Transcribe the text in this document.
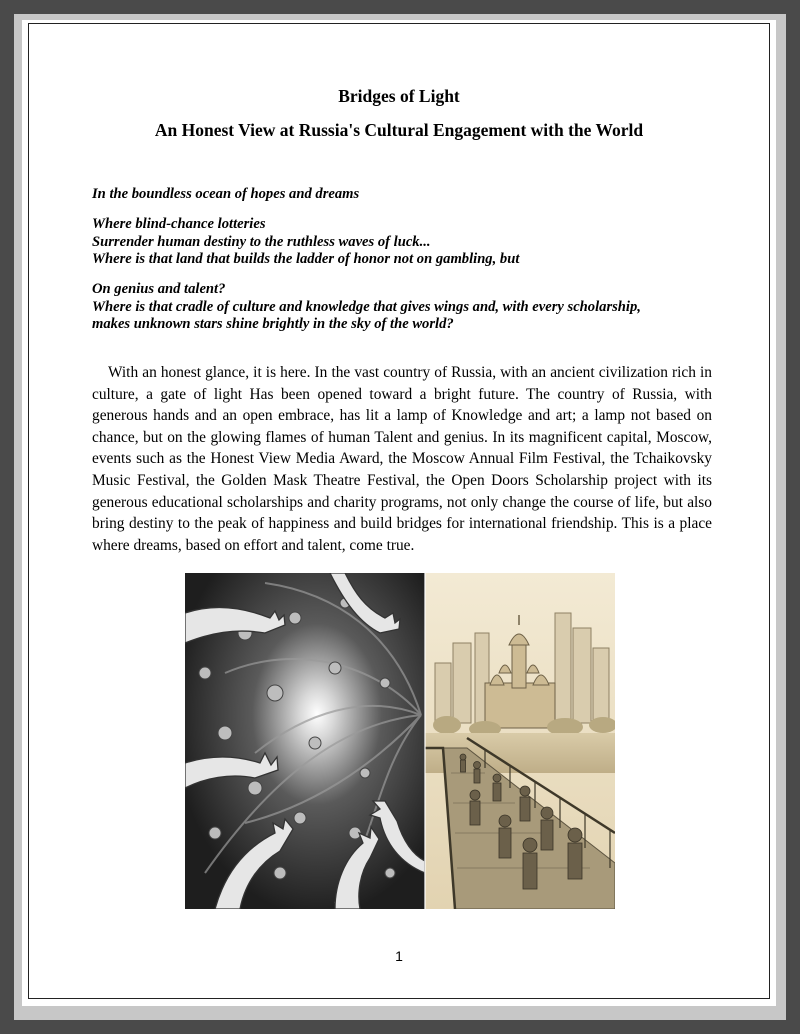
Bridges of Light
An Honest View at Russia's Cultural Engagement with the World
In the boundless ocean of hopes and dreams
Where blind-chance lotteries
Surrender human destiny to the ruthless waves of luck...
Where is that land that builds the ladder of honor not on gambling, but
On genius and talent?
Where is that cradle of culture and knowledge that gives wings and, with every scholarship,
makes unknown stars shine brightly in the sky of the world?

With an honest glance, it is here. In the vast country of Russia, with an ancient civilization rich in culture, a gate of light Has been opened toward a bright future. The country of Russia, with generous hands and an open embrace, has lit a lamp of Knowledge and art; a lamp not based on chance, but on the glowing flames of human Talent and genius. In its magnificent capital, Moscow, events such as the Honest View Media Award, the Moscow Annual Film Festival, the Tchaikovsky Music Festival, the Golden Mask Theatre Festival, the Open Doors Scholarship project with its generous educational scholarships and charity programs, not only change the course of life, but also bring destiny to the peak of happiness and build bridges for international friendship. This is a place where dreams, based on effort and talent, come true.

1
